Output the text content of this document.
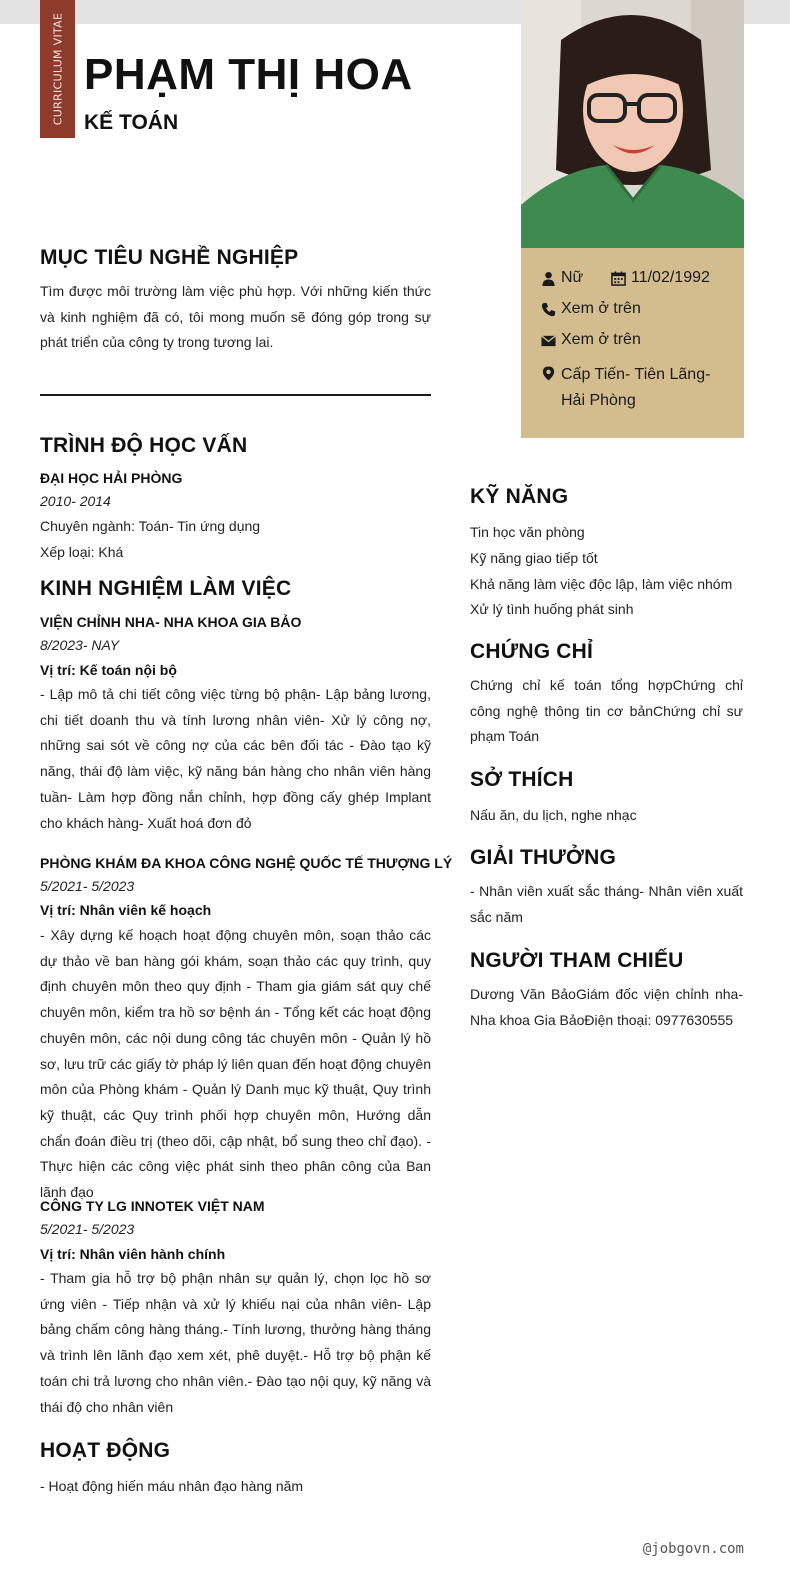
CURRICULUM VITAE PHẠM THỊ HOA
KẾ TOÁN
Nữ	11/02/1992
Xem ở trên
Xem ở trên
Cấp Tiến- Tiên Lãng-
Hải Phòng
MỤC TIÊU NGHỀ NGHIỆP
Tìm được môi trường làm việc phù hợp. Với những kiến thức và kinh nghiệm đã có, tôi mong muốn sẽ đóng góp trong sự phát triển của công ty trong tương lai.
TRÌNH ĐỘ HỌC VẤN
ĐẠI HỌC HẢI PHÒNG
2010- 2014
Chuyên ngành: Toán- Tin ứng dụng
Xếp loại: Khá
KINH NGHIỆM LÀM VIỆC
VIỆN CHỈNH NHA- NHA KHOA GIA BẢO
8/2023- NAY
Vị trí: Kế toán nội bộ
- Lập mô tả chi tiết công việc từng bộ phận- Lập bảng lương, chi tiết doanh thu và tính lương nhân viên- Xử lý công nợ, những sai sót về công nợ của các bên đối tác - Đào tạo kỹ năng, thái độ làm việc, kỹ năng bán hàng cho nhân viên hàng tuần- Làm hợp đồng nắn chỉnh, hợp đồng cấy ghép Implant cho khách hàng- Xuất hoá đơn đỏ
PHÒNG KHÁM ĐA KHOA CÔNG NGHỆ QUỐC TẾ THƯỢNG LÝ
5/2021- 5/2023
Vị trí: Nhân viên kế hoạch
- Xây dựng kế hoạch hoạt động chuyên môn, soạn thảo các dự thảo về ban hàng gói khám, soạn thảo các quy trình, quy định chuyên môn theo quy định - Tham gia giám sát quy chế chuyên môn, kiểm tra hồ sơ bệnh án - Tổng kết các hoạt động chuyên môn, các nội dung công tác chuyên môn - Quản lý hồ sơ, lưu trữ các giấy tờ pháp lý liên quan đến hoạt động chuyên môn của Phòng khám - Quản lý Danh mục kỹ thuật, Quy trình kỹ thuật, các Quy trình phối hợp chuyên môn, Hướng dẫn chẩn đoán điều trị (theo dõi, cập nhật, bổ sung theo chỉ đạo). - Thực hiện các công việc phát sinh theo phân công của Ban lãnh đạo
CÔNG TY LG INNOTEK VIỆT NAM
5/2021- 5/2023
Vị trí: Nhân viên hành chính
- Tham gia hỗ trợ bộ phận nhân sự quản lý, chọn lọc hồ sơ ứng viên - Tiếp nhận và xử lý khiếu nại của nhân viên- Lập bảng chấm công hàng tháng.- Tính lương, thưởng hàng tháng và trình lên lãnh đạo xem xét, phê duyệt.- Hỗ trợ bộ phận kế toán chi trả lương cho nhân viên.- Đào tạo nội quy, kỹ năng và thái độ cho nhân viên
HOẠT ĐỘNG
- Hoạt động hiến máu nhân đạo hàng năm
KỸ NĂNG
Tin học văn phòng
Kỹ năng giao tiếp tốt
Khả năng làm việc độc lập, làm việc nhóm
Xử lý tình huống phát sinh
CHỨNG CHỈ
Chứng chỉ kế toán tổng hợpChứng chỉ công nghệ thông tin cơ bảnChứng chỉ sư phạm Toán
SỞ THÍCH
Nấu ăn, du lịch, nghe nhạc
GIẢI THƯỞNG
- Nhân viên xuất sắc tháng- Nhân viên xuất sắc năm
NGƯỜI THAM CHIẾU
Dương Văn BảoGiám đốc viện chỉnh nha- Nha khoa Gia BảoĐiện thoại: 0977630555
@jobgovn.com
